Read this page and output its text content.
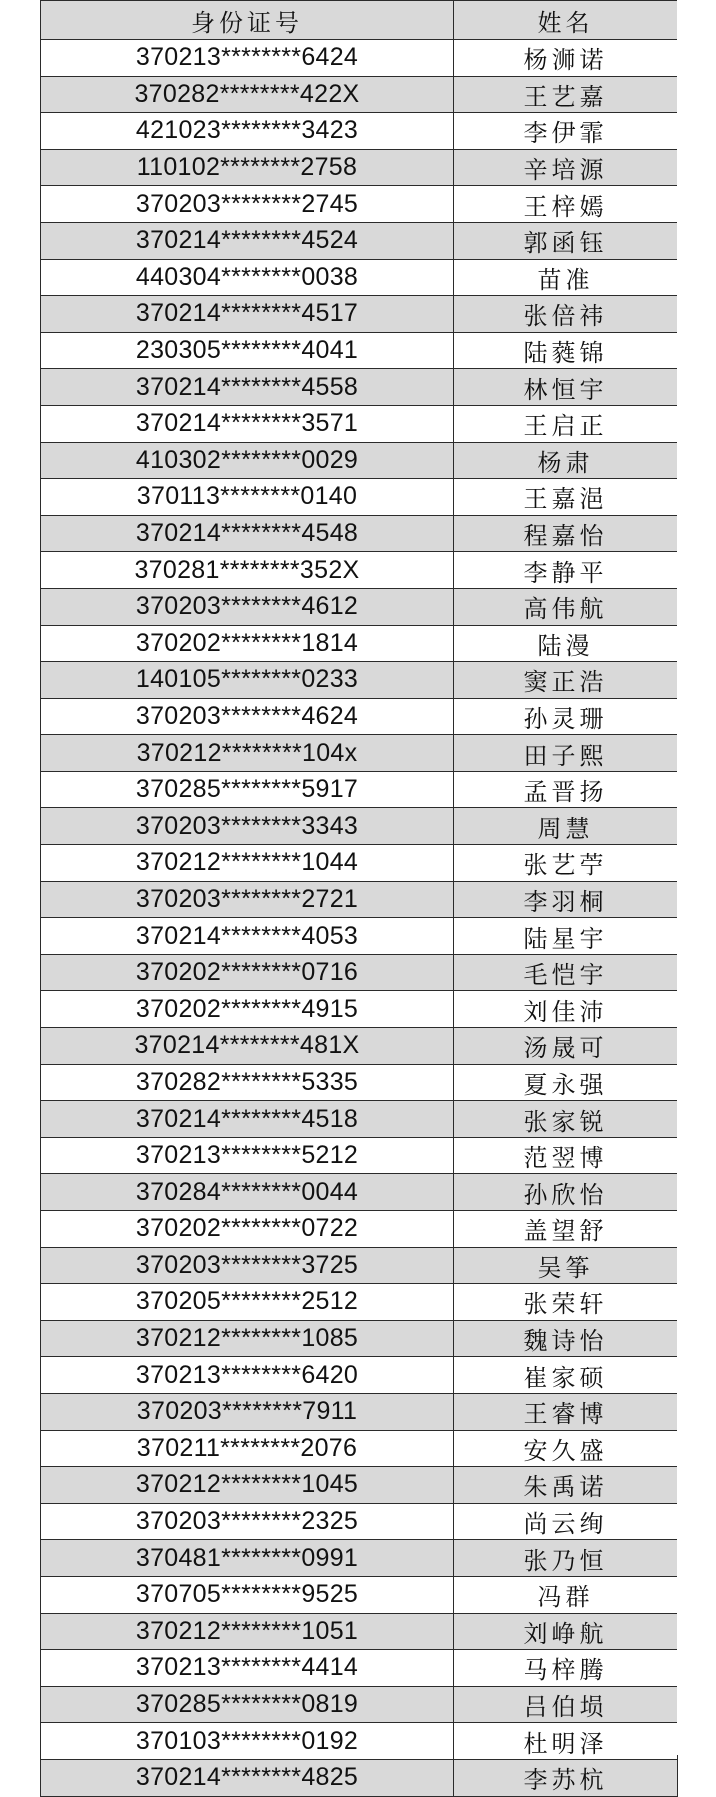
身份证号	姓名
370213********6424	杨浉诺
370282********422X	王艺嘉
421023********3423	李伊霏
110102********2758	辛培源
370203********2745	王梓嫣
370214********4524	郭函钰
440304********0038	苗准
370214********4517	张倍祎
230305********4041	陆蕤锦
370214********4558	林恒宇
370214********3571	王启正
410302********0029	杨肃
370113********0140	王嘉浥
370214********4548	程嘉怡
370281********352X	李静平
370203********4612	高伟航
370202********1814	陆漫
140105********0233	窦正浩
370203********4624	孙灵珊
370212********104x	田子熙
370285********5917	孟晋扬
370203********3343	周慧
370212********1044	张艺苧
370203********2721	李羽桐
370214********4053	陆星宇
370202********0716	毛恺宇
370202********4915	刘佳沛
370214********481X	汤晟可
370282********5335	夏永强
370214********4518	张家锐
370213********5212	范翌博
370284********0044	孙欣怡
370202********0722	盖望舒
370203********3725	吴筝
370205********2512	张荣轩
370212********1085	魏诗怡
370213********6420	崔家硕
370203********7911	王睿博
370211********2076	安久盛
370212********1045	朱禹诺
370203********2325	尚云绚
370481********0991	张乃恒
370705********9525	冯群
370212********1051	刘峥航
370213********4414	马梓腾
370285********0819	吕伯埙
370103********0192	杜明泽
370214********4825	李苏杭
